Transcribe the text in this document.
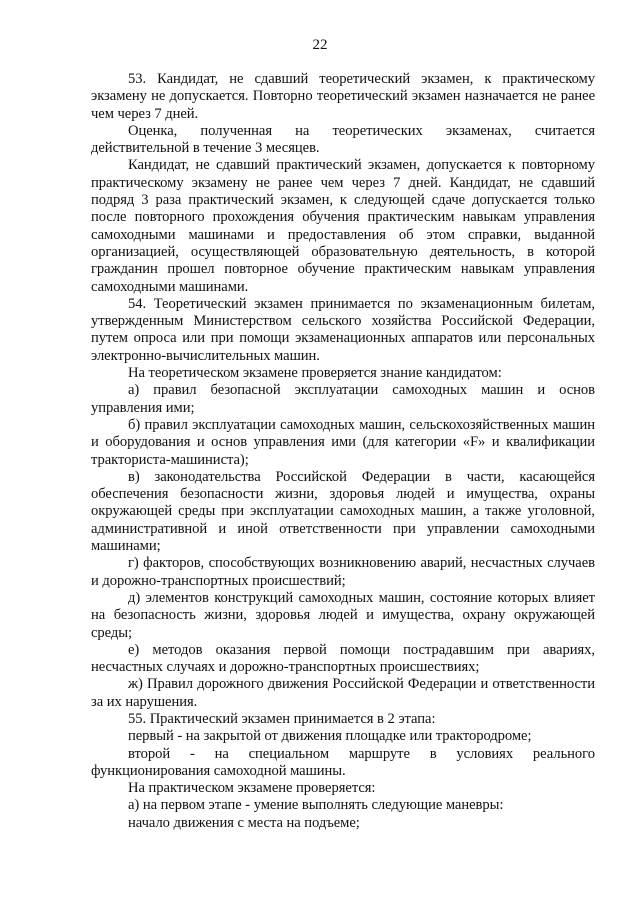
22

53. Кандидат, не сдавший теоретический экзамен, к практическому экзамену не допускается. Повторно теоретический экзамен назначается не ранее чем через 7 дней.

Оценка, полученная на теоретических экзаменах, считается действительной в течение 3 месяцев.

Кандидат, не сдавший практический экзамен, допускается к повторному практическому экзамену не ранее чем через 7 дней. Кандидат, не сдавший подряд 3 раза практический экзамен, к следующей сдаче допускается только после повторного прохождения обучения практическим навыкам управления самоходными машинами и предоставления об этом справки, выданной организацией, осуществляющей образовательную деятельность, в которой гражданин прошел повторное обучение практическим навыкам управления самоходными машинами.

54. Теоретический экзамен принимается по экзаменационным билетам, утвержденным Министерством сельского хозяйства Российской Федерации, путем опроса или при помощи экзаменационных аппаратов или персональных электронно-вычислительных машин.

На теоретическом экзамене проверяется знание кандидатом:

а) правил безопасной эксплуатации самоходных машин и основ управления ими;

б) правил эксплуатации самоходных машин, сельскохозяйственных машин и оборудования и основ управления ими (для категории «F» и квалификации тракториста-машиниста);

в) законодательства Российской Федерации в части, касающейся обеспечения безопасности жизни, здоровья людей и имущества, охраны окружающей среды при эксплуатации самоходных машин, а также уголовной, административной и иной ответственности при управлении самоходными машинами;

г) факторов, способствующих возникновению аварий, несчастных случаев и дорожно-транспортных происшествий;

д) элементов конструкций самоходных машин, состояние которых влияет на безопасность жизни, здоровья людей и имущества, охрану окружающей среды;

е) методов оказания первой помощи пострадавшим при авариях, несчастных случаях и дорожно-транспортных происшествиях;

ж) Правил дорожного движения Российской Федерации и ответственности за их нарушения.

55. Практический экзамен принимается в 2 этапа:

первый - на закрытой от движения площадке или трактородроме;

второй - на специальном маршруте в условиях реального функционирования самоходной машины.

На практическом экзамене проверяется:

а) на первом этапе - умение выполнять следующие маневры:

начало движения с места на подъеме;
